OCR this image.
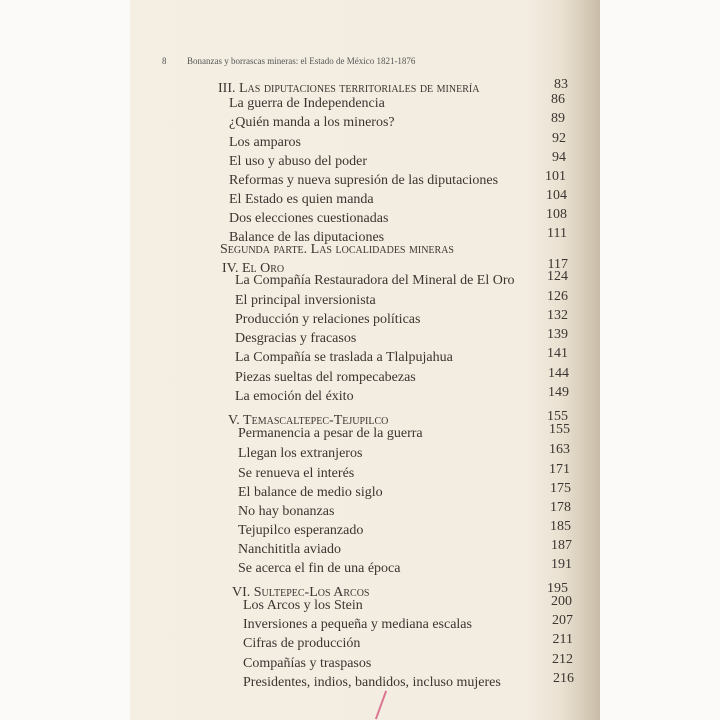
8 Bonanzas y borrascas mineras: el Estado de México 1821-1876
III. Las diputaciones territoriales de minería	83
La guerra de Independencia	86
¿Quién manda a los mineros?	89
Los amparos	92
El uso y abuso del poder	94
Reformas y nueva supresión de las diputaciones	101
El Estado es quien manda	104
Dos elecciones cuestionadas	108
Balance de las diputaciones	111
Segunda parte. Las localidades mineras
IV. El Oro	117
La Compañía Restauradora del Mineral de El Oro	124
El principal inversionista	126
Producción y relaciones políticas	132
Desgracias y fracasos	139
La Compañía se traslada a Tlalpujahua	141
Piezas sueltas del rompecabezas	144
La emoción del éxito	149
V. Temascaltepec-Tejupilco	155
Permanencia a pesar de la guerra	155
Llegan los extranjeros	163
Se renueva el interés	171
El balance de medio siglo	175
No hay bonanzas	178
Tejupilco esperanzado	185
Nanchititla aviado	187
Se acerca el fin de una época	191
VI. Sultepec-Los Arcos	195
Los Arcos y los Stein	200
Inversiones a pequeña y mediana escalas	207
Cifras de producción	211
Compañías y traspasos	212
Presidentes, indios, bandidos, incluso mujeres	216
